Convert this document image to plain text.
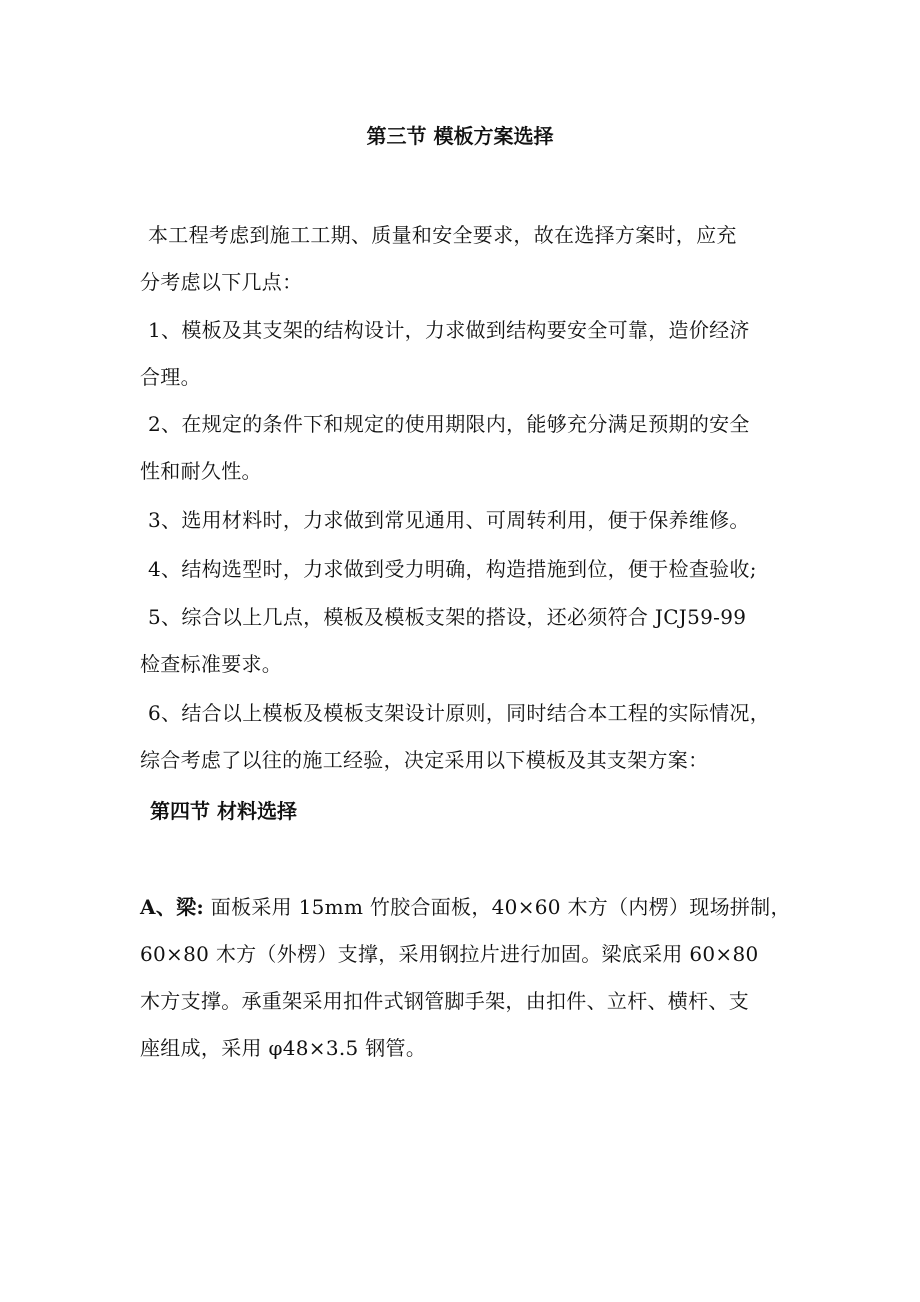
第三节 模板方案选择
本工程考虑到施工工期、质量和安全要求，故在选择方案时，应充
分考虑以下几点：
1、模板及其支架的结构设计，力求做到结构要安全可靠，造价经济
合理。
2、在规定的条件下和规定的使用期限内，能够充分满足预期的安全
性和耐久性。
3、选用材料时，力求做到常见通用、可周转利用，便于保养维修。
4、结构选型时，力求做到受力明确，构造措施到位，便于检查验收;
5、综合以上几点，模板及模板支架的搭设，还必须符合 JCJ59-99
检查标准要求。
6、结合以上模板及模板支架设计原则，同时结合本工程的实际情况，
综合考虑了以往的施工经验，决定采用以下模板及其支架方案：
第四节 材料选择
A、梁: 面板采用 15mm 竹胶合面板，40×60 木方（内楞）现场拼制，
60×80 木方（外楞）支撑，采用钢拉片进行加固。梁底采用 60×80
木方支撑。承重架采用扣件式钢管脚手架，由扣件、立杆、横杆、支
座组成，采用 φ48×3.5 钢管。
